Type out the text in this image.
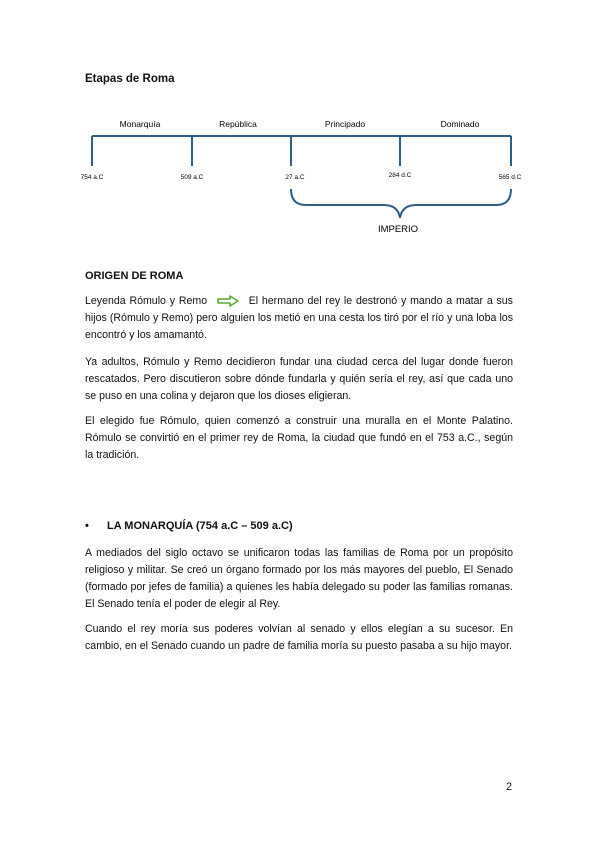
Etapas de Roma
Monarquía	República	Principado	Dominado
754 a.C	509 a.C	27 a.C	284 d.C	565 d.C
IMPERIO
ORIGEN DE ROMA

Leyenda Rómulo y Remo	El hermano del rey le destronó y mando a matar a sus hijos (Rómulo y Remo) pero alguien los metió en una cesta los tiró por el río y una loba los encontró y los amamantó.

Ya adultos, Rómulo y Remo decidieron fundar una ciudad cerca del lugar donde fueron rescatados. Pero discutieron sobre dónde fundarla y quién sería el rey, así que cada uno se puso en una colina y dejaron que los dioses eligieran.

El elegido fue Rómulo, quien comenzó a construir una muralla en el Monte Palatino. Rómulo se convirtió en el primer rey de Roma, la ciudad que fundó en el 753 a.C., según la tradición.

• LA MONARQUÍA (754 a.C – 509 a.C)

A mediados del siglo octavo se unificaron todas las familias de Roma por un propósito religioso y militar. Se creó un órgano formado por los más mayores del pueblo, El Senado (formado por jefes de familia) a quienes les había delegado su poder las familias romanas. El Senado tenía el poder de elegir al Rey.

Cuando el rey moría sus poderes volvían al senado y ellos elegían a su sucesor. En cambio, en el Senado cuando un padre de familia moría su puesto pasaba a su hijo mayor.

2
